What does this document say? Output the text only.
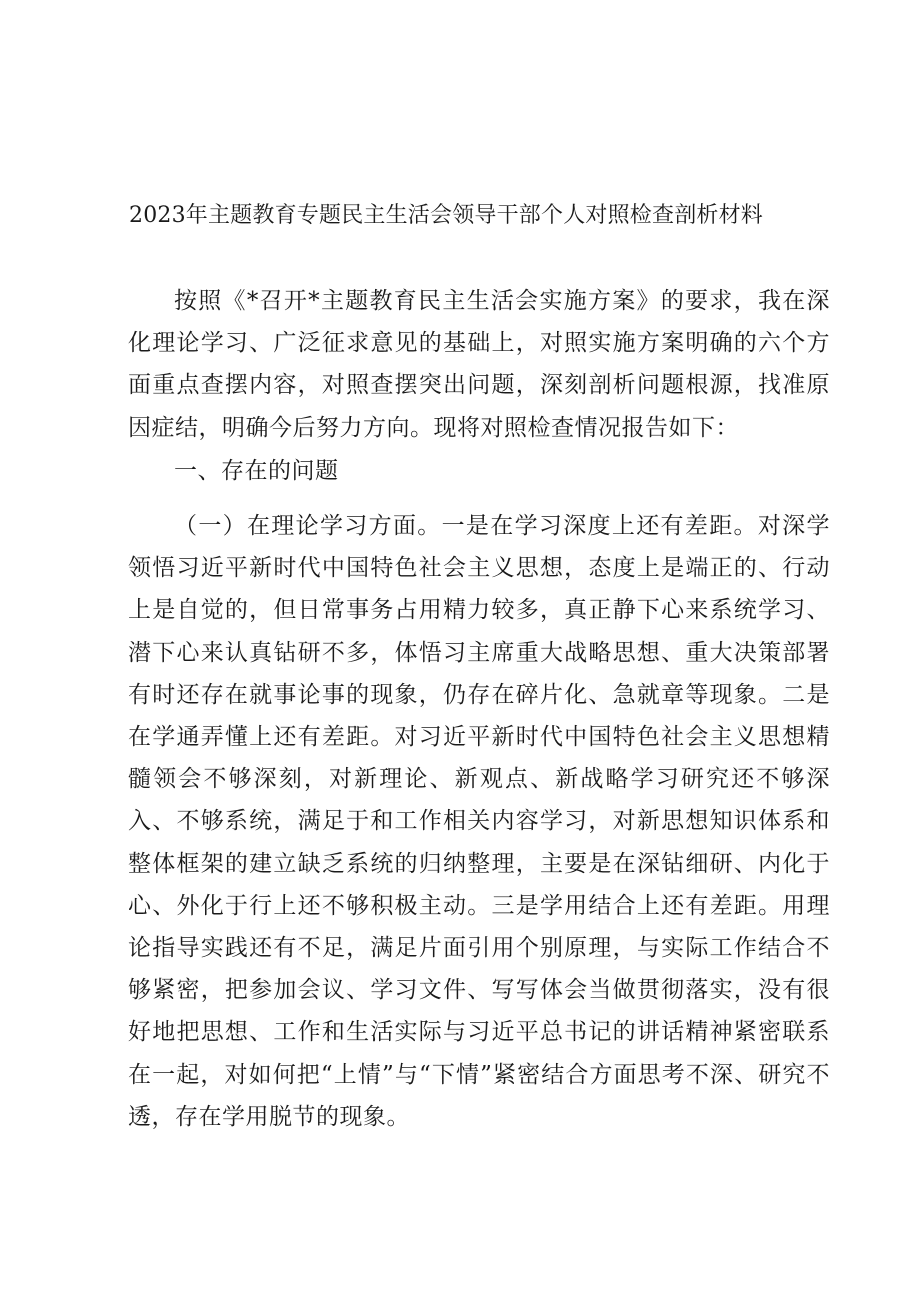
2023年主题教育专题民主生活会领导干部个人对照检查剖析材料

按照《*召开*主题教育民主生活会实施方案》的要求，我在深化理论学习、广泛征求意见的基础上，对照实施方案明确的六个方面重点查摆内容，对照查摆突出问题，深刻剖析问题根源，找准原因症结，明确今后努力方向。现将对照检查情况报告如下：

一、存在的问题

（一）在理论学习方面。一是在学习深度上还有差距。对深学领悟习近平新时代中国特色社会主义思想，态度上是端正的、行动上是自觉的，但日常事务占用精力较多，真正静下心来系统学习、潜下心来认真钻研不多，体悟习主席重大战略思想、重大决策部署有时还存在就事论事的现象，仍存在碎片化、急就章等现象。二是在学通弄懂上还有差距。对习近平新时代中国特色社会主义思想精髓领会不够深刻，对新理论、新观点、新战略学习研究还不够深入、不够系统，满足于和工作相关内容学习，对新思想知识体系和整体框架的建立缺乏系统的归纳整理，主要是在深钻细研、内化于心、外化于行上还不够积极主动。三是学用结合上还有差距。用理论指导实践还有不足，满足片面引用个别原理，与实际工作结合不够紧密，把参加会议、学习文件、写写体会当做贯彻落实，没有很好地把思想、工作和生活实际与习近平总书记的讲话精神紧密联系在一起，对如何把“上情”与“下情”紧密结合方面思考不深、研究不透，存在学用脱节的现象。
